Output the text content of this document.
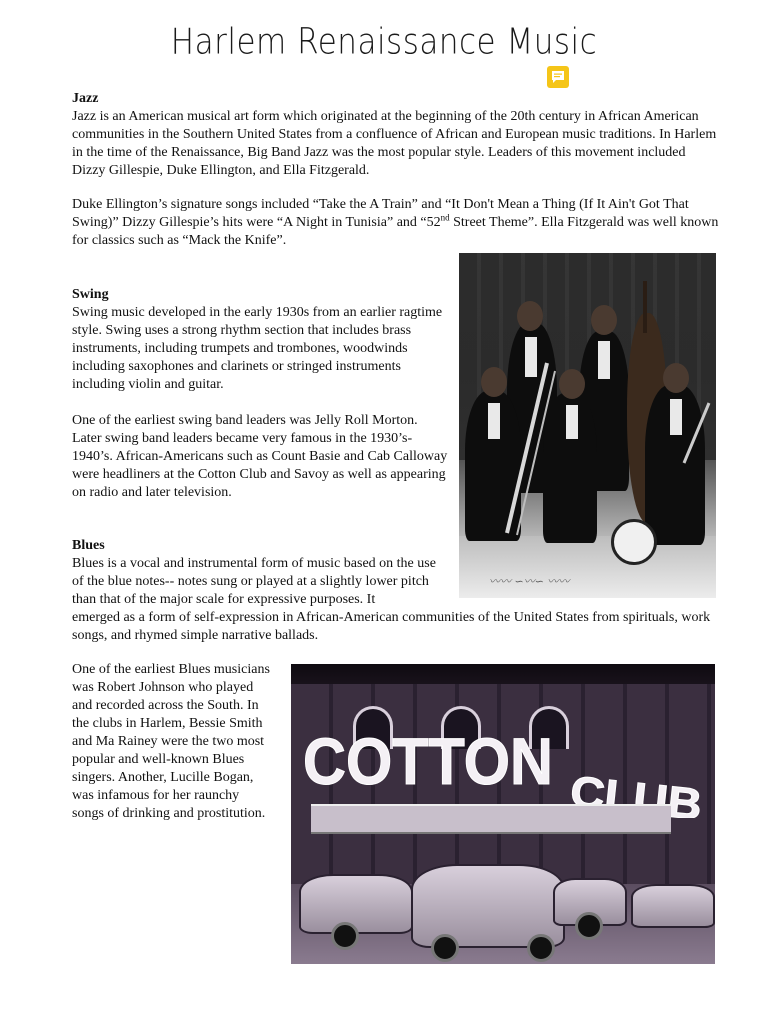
Harlem Renaissance Music
Jazz

Jazz is an American musical art form which originated at the beginning of the 20th century in African American communities in the Southern United States from a confluence of African and European music traditions. In Harlem in the time of the Renaissance, Big Band Jazz was the most popular style. Leaders of this movement included Dizzy Gillespie, Duke Ellington, and Ella Fitzgerald.

Duke Ellington’s signature songs included “Take the A Train” and “It Don't Mean a Thing (If It Ain't Got That Swing)” Dizzy Gillespie’s hits were “A Night in Tunisia” and “52nd Street Theme”. Ella Fitzgerald was well known for classics such as “Mack the Knife”.

Swing

Swing music developed in the early 1930s from an earlier ragtime style. Swing uses a strong rhythm section that includes brass instruments, including trumpets and trombones, woodwinds including saxophones and clarinets or stringed instruments including violin and guitar.

One of the earliest swing band leaders was Jelly Roll Morton. Later swing band leaders became very famous in the 1930’s-1940’s. African-Americans such as Count Basie and Cab Calloway were headliners at the Cotton Club and Savoy as well as appearing on radio and later television.

〰〰 ∽〰∽ 〰〰
Blues

Blues is a vocal and instrumental form of music based on the use of the blue notes-- notes sung or played at a slightly lower pitch than that of the major scale for expressive purposes. It

emerged as a form of self-expression in African-American communities of the United States from spirituals, work songs, and rhymed simple narrative ballads.

One of the earliest Blues musicians was Robert Johnson who played and recorded across the South. In the clubs in Harlem, Bessie Smith and Ma Rainey were the two most popular and well-known Blues singers. Another, Lucille Bogan, was infamous for her raunchy songs of drinking and prostitution.

COTTON CLUB
